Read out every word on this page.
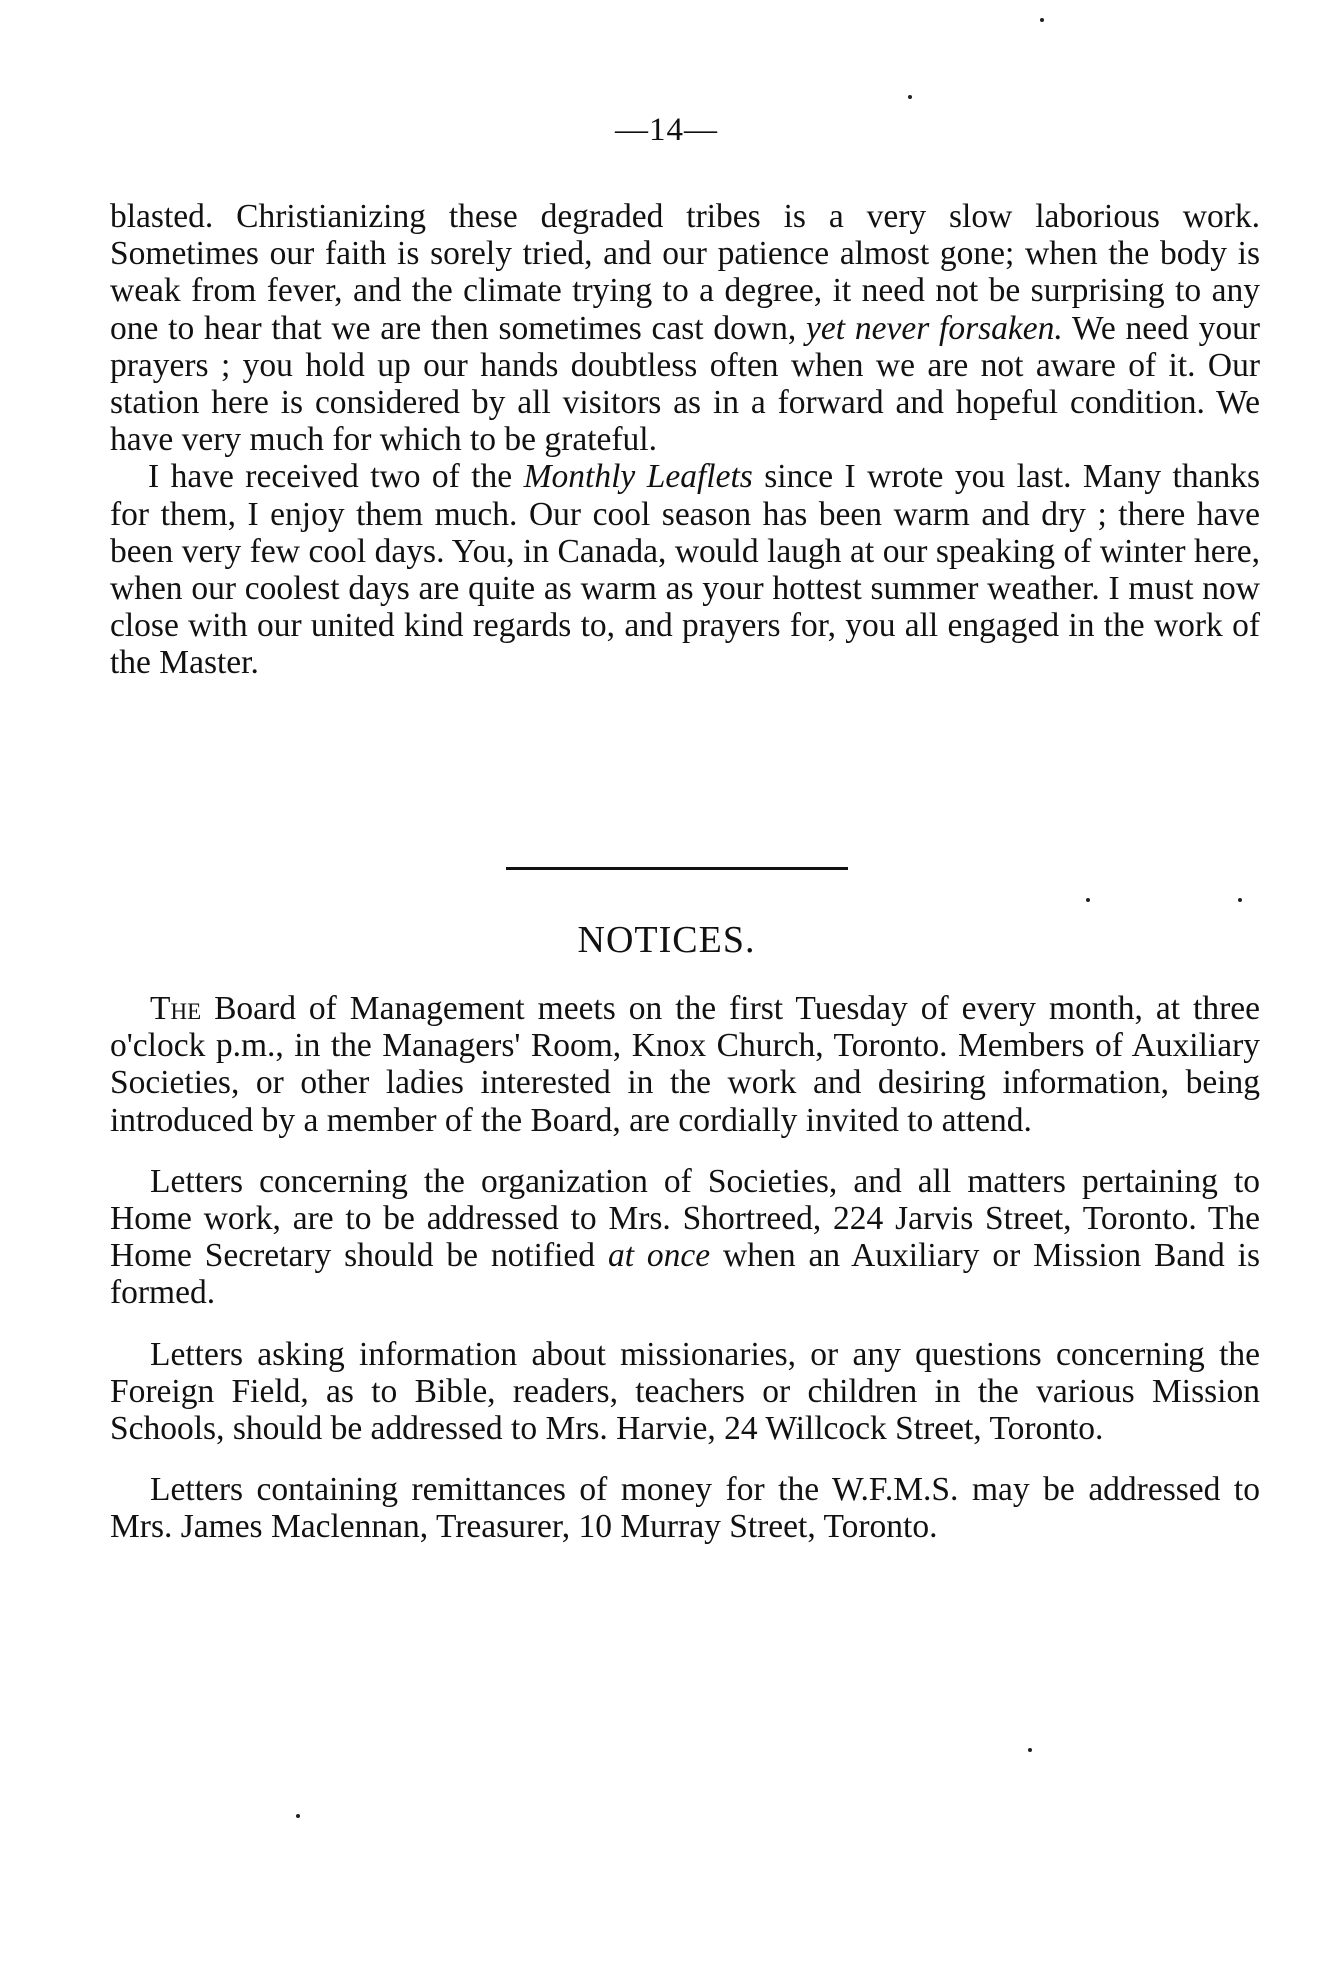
—14—

blasted. Christianizing these degraded tribes is a very slow laborious work. Sometimes our faith is sorely tried, and our patience almost gone; when the body is weak from fever, and the climate trying to a degree, it need not be surprising to any one to hear that we are then sometimes cast down, yet never forsaken. We need your prayers ; you hold up our hands doubtless often when we are not aware of it. Our station here is considered by all visitors as in a forward and hopeful condition. We have very much for which to be grateful.

I have received two of the Monthly Leaflets since I wrote you last. Many thanks for them, I enjoy them much. Our cool season has been warm and dry ; there have been very few cool days. You, in Canada, would laugh at our speaking of winter here, when our coolest days are quite as warm as your hottest summer weather. I must now close with our united kind regards to, and prayers for, you all engaged in the work of the Master.

NOTICES.

The Board of Management meets on the first Tuesday of every month, at three o'clock p.m., in the Managers' Room, Knox Church, Toronto. Members of Auxiliary Societies, or other ladies interested in the work and desiring information, being introduced by a member of the Board, are cordially invited to attend.

Letters concerning the organization of Societies, and all matters pertaining to Home work, are to be addressed to Mrs. Shortreed, 224 Jarvis Street, Toronto. The Home Secretary should be notified at once when an Auxiliary or Mission Band is formed.

Letters asking information about missionaries, or any questions concerning the Foreign Field, as to Bible, readers, teachers or children in the various Mission Schools, should be addressed to Mrs. Harvie, 24 Willcock Street, Toronto.

Letters containing remittances of money for the W.F.M.S. may be addressed to Mrs. James Maclennan, Treasurer, 10 Murray Street, Toronto.
